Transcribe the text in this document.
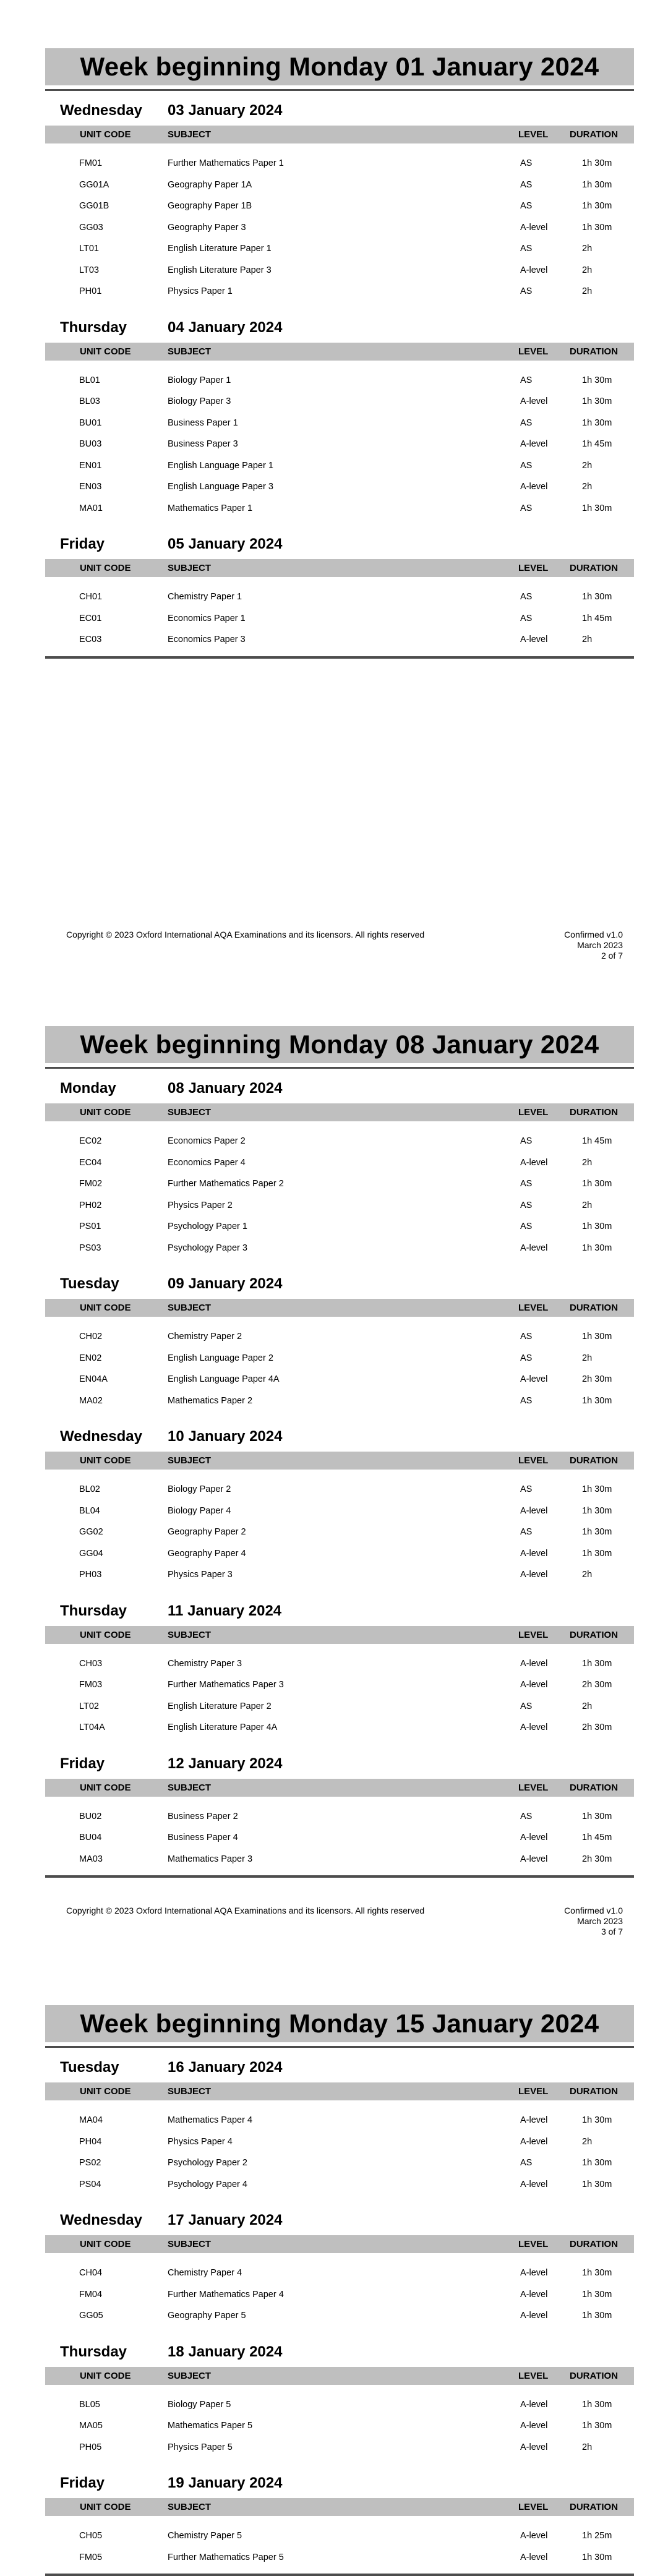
Week beginning Monday 01 January 2024
Wednesday 03 January 2024
UNIT CODE	SUBJECT	LEVEL DURATION
FM01	Further Mathematics Paper 1	AS	1h 30m
GG01A	Geography Paper 1A	AS	1h 30m
GG01B	Geography Paper 1B	AS	1h 30m
GG03	Geography Paper 3	A-level	1h 30m
LT01	English Literature Paper 1	AS	2h
LT03	English Literature Paper 3	A-level	2h
PH01	Physics Paper 1	AS	2h
Thursday	04 January 2024
UNIT CODE	SUBJECT	LEVEL DURATION
BL01	Biology Paper 1	AS	1h 30m
BL03	Biology Paper 3	A-level	1h 30m
BU01	Business Paper 1	AS	1h 30m
BU03	Business Paper 3	A-level	1h 45m
EN01	English Language Paper 1	AS	2h
EN03	English Language Paper 3	A-level	2h
MA01	Mathematics Paper 1	AS	1h 30m
Friday	05 January 2024
UNIT CODE	SUBJECT	LEVEL DURATION
CH01	Chemistry Paper 1	AS	1h 30m
EC01	Economics Paper 1	AS	1h 45m
EC03	Economics Paper 3	A-level	2h
Copyright © 2023 Oxford International AQA Examinations and its licensors. All rights reserved	Confirmed v1.0
March 2023
2 of 7
Week beginning Monday 08 January 2024
Monday	08 January 2024
UNIT CODE	SUBJECT	LEVEL DURATION
EC02	Economics Paper 2	AS	1h 45m
EC04	Economics Paper 4	A-level	2h
FM02	Further Mathematics Paper 2	AS	1h 30m
PH02	Physics Paper 2	AS	2h
PS01	Psychology Paper 1	AS	1h 30m
PS03	Psychology Paper 3	A-level	1h 30m
Tuesday	09 January 2024
UNIT CODE	SUBJECT	LEVEL DURATION
CH02	Chemistry Paper 2	AS	1h 30m
EN02	English Language Paper 2	AS	2h
EN04A	English Language Paper 4A	A-level	2h 30m
MA02	Mathematics Paper 2	AS	1h 30m
Wednesday 10 January 2024
UNIT CODE	SUBJECT	LEVEL DURATION
BL02	Biology Paper 2	AS	1h 30m
BL04	Biology Paper 4	A-level	1h 30m
GG02	Geography Paper 2	AS	1h 30m
GG04	Geography Paper 4	A-level	1h 30m
PH03	Physics Paper 3	A-level	2h
Thursday	11 January 2024
UNIT CODE	SUBJECT	LEVEL DURATION
CH03	Chemistry Paper 3	A-level	1h 30m
FM03	Further Mathematics Paper 3	A-level	2h 30m
LT02	English Literature Paper 2	AS	2h
LT04A	English Literature Paper 4A	A-level	2h 30m
Friday	12 January 2024
UNIT CODE	SUBJECT	LEVEL DURATION
BU02	Business Paper 2	AS	1h 30m
BU04	Business Paper 4	A-level	1h 45m
MA03	Mathematics Paper 3	A-level	2h 30m
Copyright © 2023 Oxford International AQA Examinations and its licensors. All rights reserved	Confirmed v1.0
March 2023
3 of 7
Week beginning Monday 15 January 2024
Tuesday	16 January 2024
UNIT CODE	SUBJECT	LEVEL DURATION
MA04	Mathematics Paper 4	A-level	1h 30m
PH04	Physics Paper 4	A-level	2h
PS02	Psychology Paper 2	AS	1h 30m
PS04	Psychology Paper 4	A-level	1h 30m
Wednesday 17 January 2024
UNIT CODE	SUBJECT	LEVEL DURATION
CH04	Chemistry Paper 4	A-level	1h 30m
FM04	Further Mathematics Paper 4	A-level	1h 30m
GG05	Geography Paper 5	A-level	1h 30m
Thursday	18 January 2024
UNIT CODE	SUBJECT	LEVEL DURATION
BL05	Biology Paper 5	A-level	1h 30m
MA05	Mathematics Paper 5	A-level	1h 30m
PH05	Physics Paper 5	A-level	2h
Friday	19 January 2024
UNIT CODE	SUBJECT	LEVEL DURATION
CH05	Chemistry Paper 5	A-level	1h 25m
FM05	Further Mathematics Paper 5	A-level	1h 30m
